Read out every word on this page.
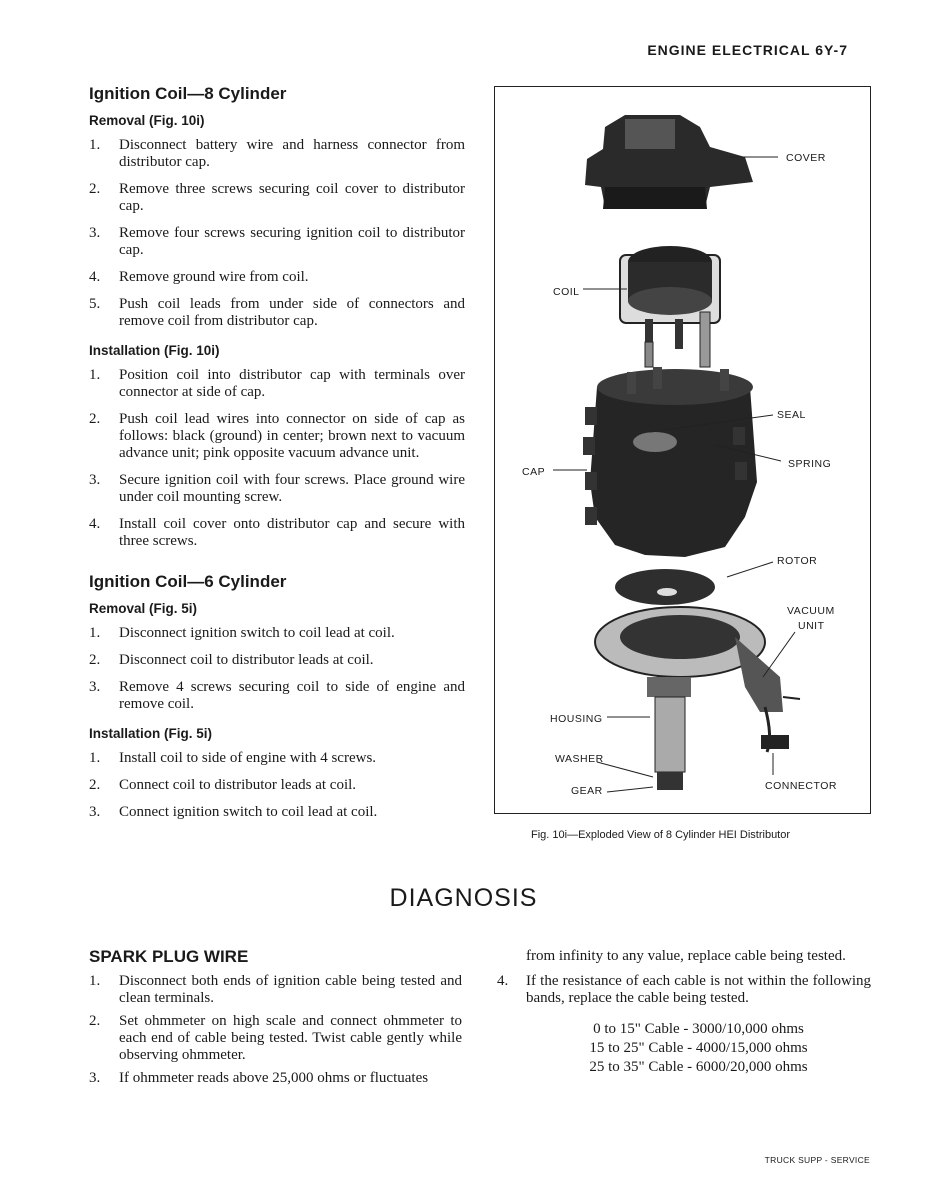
ENGINE ELECTRICAL 6Y-7
Ignition Coil—8 Cylinder
Removal (Fig. 10i)
1.	Disconnect battery wire and harness connector from distributor cap.
2.	Remove three screws securing coil cover to distributor cap.
3.	Remove four screws securing ignition coil to distributor cap.
4.	Remove ground wire from coil.
5.	Push coil leads from under side of connectors and remove coil from distributor cap.
Installation (Fig. 10i)
1.	Position coil into distributor cap with terminals over connector at side of cap.
2.	Push coil lead wires into connector on side of cap as follows: black (ground) in center; brown next to vacuum advance unit; pink opposite vacuum advance unit.
3.	Secure ignition coil with four screws. Place ground wire under coil mounting screw.
4.	Install coil cover onto distributor cap and secure with three screws.
Ignition Coil—6 Cylinder
Removal (Fig. 5i)
1.	Disconnect ignition switch to coil lead at coil.
2.	Disconnect coil to distributor leads at coil.
3.	Remove 4 screws securing coil to side of engine and remove coil.
Installation (Fig. 5i)
1.	Install coil to side of engine with 4 screws.
2.	Connect coil to distributor leads at coil.
3.	Connect ignition switch to coil lead at coil.
COVER
COIL
SEAL
SPRING
CAP
ROTOR
VACUUM
UNIT
HOUSING
WASHER
GEAR	CONNECTOR
Fig. 10i—Exploded View of 8 Cylinder HEI Distributor
DIAGNOSIS
SPARK PLUG WIRE
1.	Disconnect both ends of ignition cable being tested and clean terminals.
2.	Set ohmmeter on high scale and connect ohmmeter to each end of cable being tested. Twist cable gently while observing ohmmeter.
3.	If ohmmeter reads above 25,000 ohms or fluctuates
from infinity to any value, replace cable being tested.
4.	If the resistance of each cable is not within the following bands, replace the cable being tested.
0 to 15" Cable - 3000/10,000 ohms
15 to 25" Cable - 4000/15,000 ohms
25 to 35" Cable - 6000/20,000 ohms
TRUCK SUPP - SERVICE
